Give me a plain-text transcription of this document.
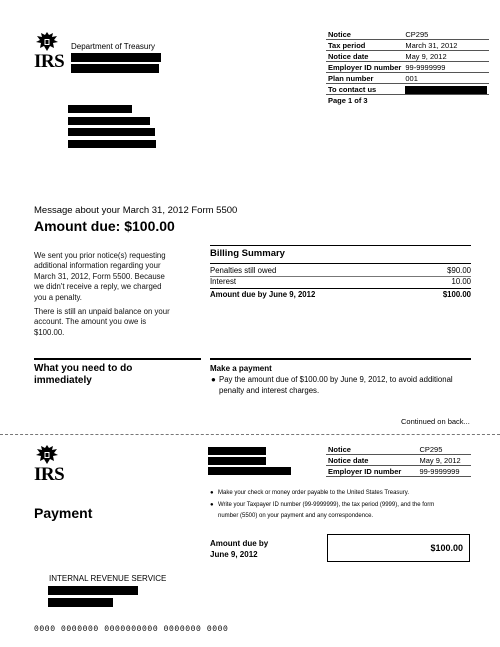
IRS
Department of Treasury
Notice	CP295
Tax period	March 31, 2012
Notice date	May 9, 2012
Employer ID number	99-9999999
Plan number	001
To contact us	
Page 1 of 3	
Message about your March 31, 2012 Form 5500
Amount due: $100.00
We sent you prior notice(s) requesting
additional information regarding your
March 31, 2012, Form 5500. Because
we didn't receive a reply, we charged
you a penalty.
There is still an unpaid balance on your
account. The amount you owe is
$100.00.
Billing Summary
Penalties still owed	$90.00
Interest	10.00
Amount due by June 9, 2012	$100.00
What you need to do
immediately
Make a payment
● Pay the amount due of $100.00 by June 9, 2012, to avoid additional
penalty and interest charges.
Continued on back...
IRS
Notice	CP295
Notice date	May 9, 2012
Employer ID number	99-9999999
Payment
● Make your check or money order payable to the United States Treasury.
● Write your Taxpayer ID number (99-9999999), the tax period (9999), and the form
number (5500) on your payment and any correspondence.
Amount due by
June 9, 2012
$100.00
INTERNAL REVENUE SERVICE
0000 0000000 0000000000 0000000 0000
